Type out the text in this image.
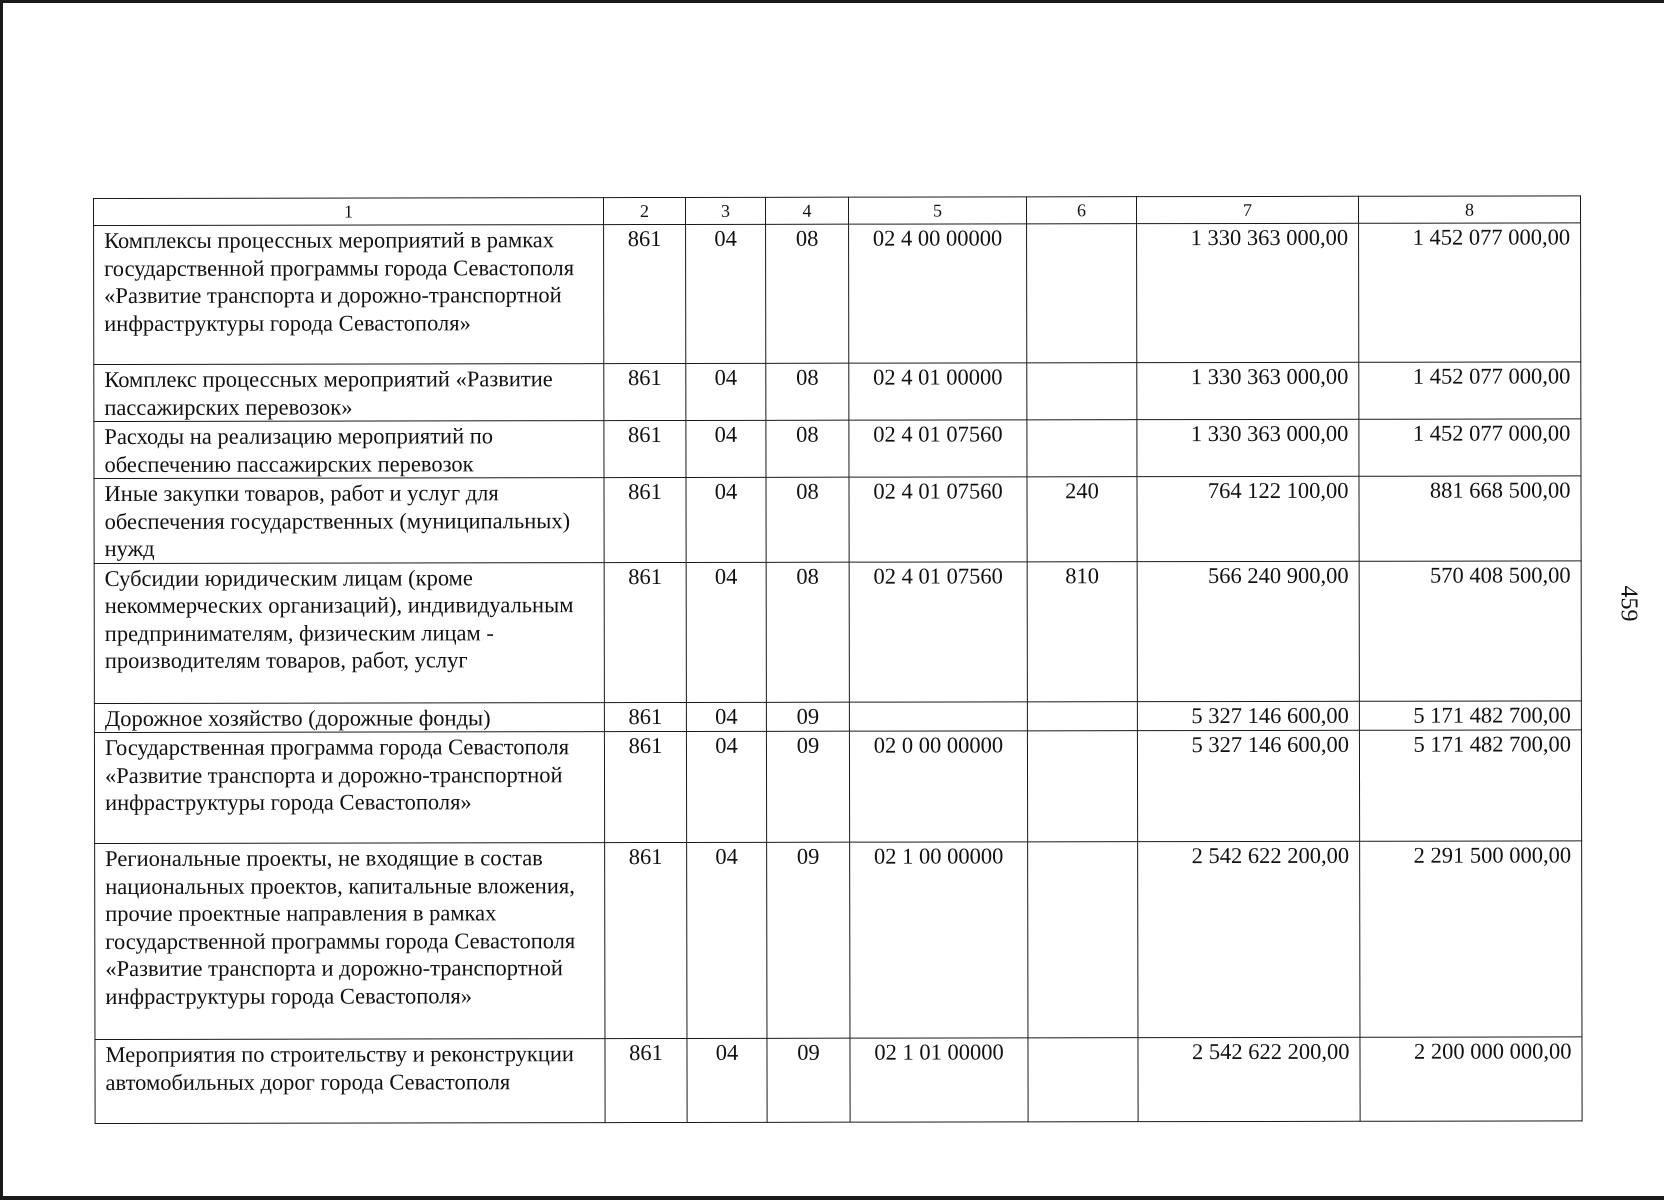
1	2	3	4	5	6	7	8
Комплексы процессных мероприятий в рамках государственной программы города Севастополя «Развитие транспорта и дорожно-транспортной инфраструктуры города Севастополя»	861	04	08	02 4 00 00000		1 330 363 000,00	1 452 077 000,00
Комплекс процессных мероприятий «Развитие пассажирских перевозок»	861	04	08	02 4 01 00000		1 330 363 000,00	1 452 077 000,00
Расходы на реализацию мероприятий по обеспечению пассажирских перевозок	861	04	08	02 4 01 07560		1 330 363 000,00	1 452 077 000,00
Иные закупки товаров, работ и услуг для обеспечения государственных (муниципальных) нужд	861	04	08	02 4 01 07560	240	764 122 100,00	881 668 500,00
Субсидии юридическим лицам (кроме некоммерческих организаций), индивидуальным предпринимателям, физическим лицам - производителям товаров, работ, услуг	861	04	08	02 4 01 07560	810	566 240 900,00	570 408 500,00
Дорожное хозяйство (дорожные фонды)	861	04	09			5 327 146 600,00	5 171 482 700,00
Государственная программа города Севастополя «Развитие транспорта и дорожно-транспортной инфраструктуры города Севастополя»	861	04	09	02 0 00 00000		5 327 146 600,00	5 171 482 700,00
Региональные проекты, не входящие в состав национальных проектов, капитальные вложения, прочие проектные направления в рамках государственной программы города Севастополя «Развитие транспорта и дорожно-транспортной инфраструктуры города Севастополя»	861	04	09	02 1 00 00000		2 542 622 200,00	2 291 500 000,00
Мероприятия по строительству и реконструкции автомобильных дорог города Севастополя	861	04	09	02 1 01 00000		2 542 622 200,00	2 200 000 000,00
459
